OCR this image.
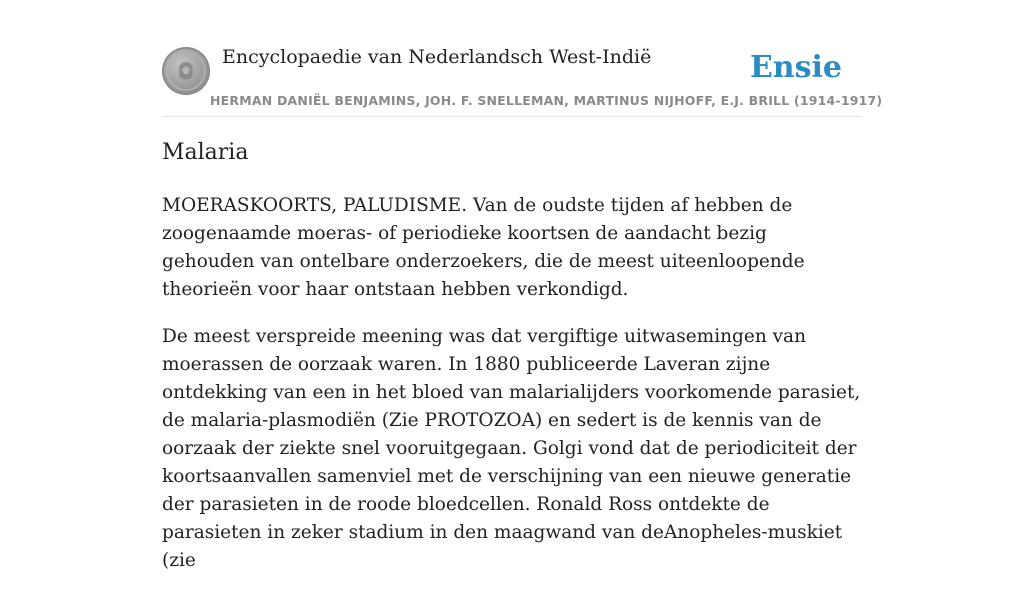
Encyclopaedie van Nederlandsch West-Indië	Ensie
HERMAN DANIËL BENJAMINS, JOH. F. SNELLEMAN, MARTINUS NIJHOFF, E.J. BRILL (1914-1917)
Malaria

MOERASKOORTS, PALUDISME. Van de oudste tijden af hebben de zoogenaamde moeras- of periodieke koortsen de aandacht bezig gehouden van ontelbare onderzoekers, die de meest uiteenloopende theorieën voor haar ontstaan hebben verkondigd.

De meest verspreide meening was dat vergiftige uitwasemingen van moerassen de oorzaak waren. In 1880 publiceerde Laveran zijne ontdekking van een in het bloed van malarialijders voorkomende parasiet, de malaria-plasmodiën (Zie PROTOZOA) en sedert is de kennis van de oorzaak der ziekte snel vooruitgegaan. Golgi vond dat de periodiciteit der koortsaanvallen samenviel met de verschijning van een nieuwe generatie der parasieten in de roode bloedcellen. Ronald Ross ontdekte de parasieten in zeker stadium in den maagwand van deAnopheles-muskiet (zie
